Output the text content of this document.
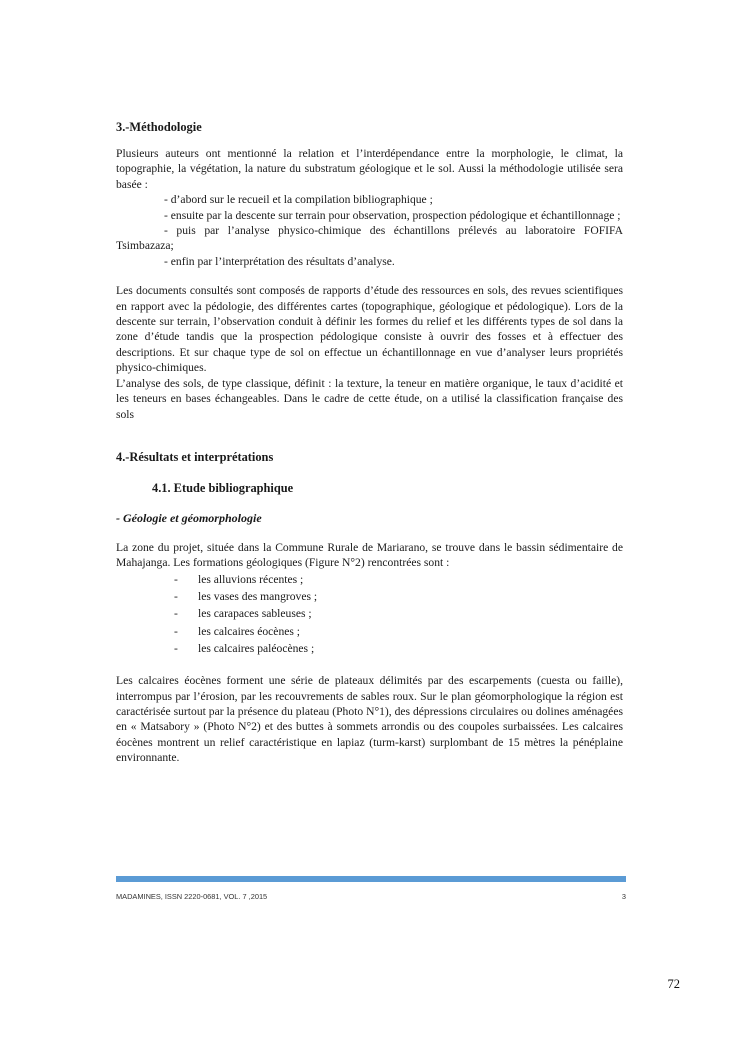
3.-Méthodologie

Plusieurs auteurs ont mentionné la relation et l’interdépendance entre la morphologie, le climat, la topographie, la végétation, la nature du substratum géologique et le sol. Aussi la méthodologie utilisée sera basée :

- d’abord sur le recueil et la compilation bibliographique ;

- ensuite par la descente sur terrain pour observation, prospection pédologique et échantillonnage ;

- puis par l’analyse physico-chimique des échantillons prélevés au laboratoire FOFIFA Tsimbazaza;

- enfin par l’interprétation des résultats d’analyse.

Les documents consultés sont composés de rapports d’étude des ressources en sols, des revues scientifiques en rapport avec la pédologie, des différentes cartes (topographique, géologique et pédologique). Lors de la descente sur terrain, l’observation conduit à définir les formes du relief et les différents types de sol dans la zone d’étude tandis que la prospection pédologique consiste à ouvrir des fosses et à effectuer des descriptions. Et sur chaque type de sol on effectue un échantillonnage en vue d’analyser leurs propriétés physico-chimiques.

L’analyse des sols, de type classique, définit : la texture, la teneur en matière organique, le taux d’acidité et les teneurs en bases échangeables. Dans le cadre de cette étude, on a utilisé la classification française des sols

4.-Résultats et interprétations
4.1. Etude bibliographique
- Géologie et géomorphologie

La zone du projet, située dans la Commune Rurale de Mariarano, se trouve dans le bassin sédimentaire de Mahajanga. Les formations géologiques (Figure N°2) rencontrées sont :

- les alluvions récentes ;
- les vases des mangroves ;
- les carapaces sableuses ;
- les calcaires éocènes ;
- les calcaires paléocènes ;

Les calcaires éocènes forment une série de plateaux délimités par des escarpements (cuesta ou faille), interrompus par l’érosion, par les recouvrements de sables roux. Sur le plan géomorphologique la région est caractérisée surtout par la présence du plateau (Photo N°1), des dépressions circulaires ou dolines aménagées en « Matsabory » (Photo N°2) et des buttes à sommets arrondis ou des coupoles surbaissées. Les calcaires éocènes montrent un relief caractéristique en lapiaz (turm-karst) surplombant de 15 mètres la pénéplaine environnante.

MADAMINES, ISSN 2220-0681, VOL. 7 ,2015	3
72
